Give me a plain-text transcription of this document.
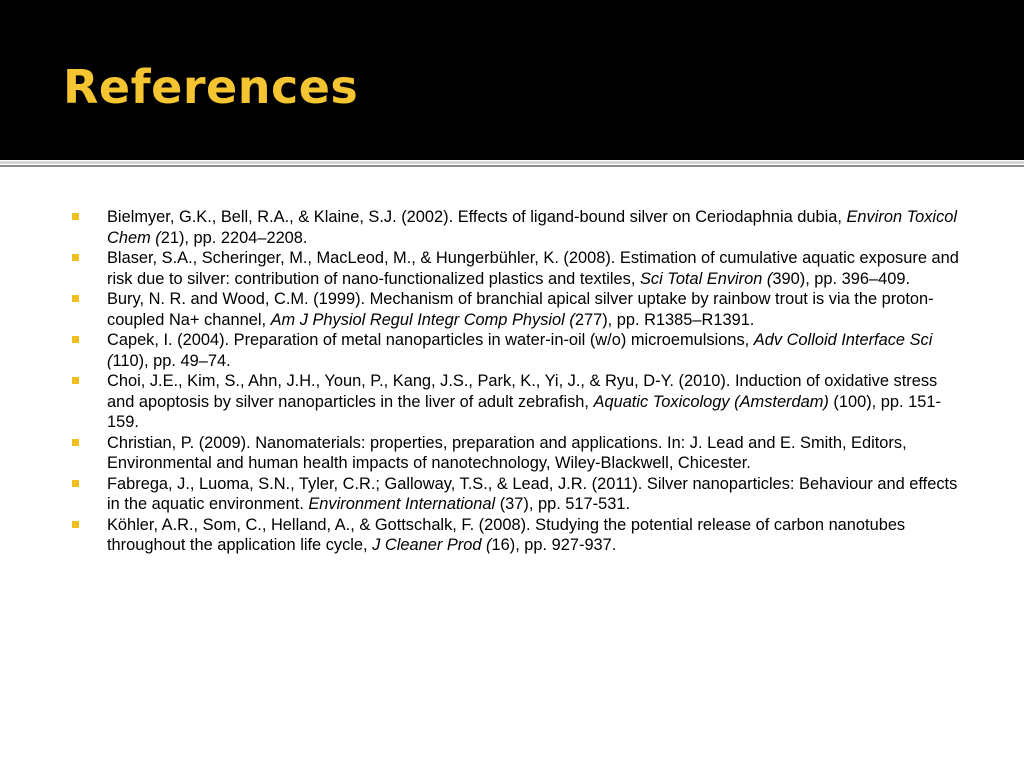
References
Bielmyer, G.K., Bell, R.A., & Klaine, S.J. (2002). Effects of ligand-bound silver on Ceriodaphnia dubia, Environ Toxicol Chem (21), pp. 2204–2208.
Blaser, S.A., Scheringer, M., MacLeod, M., & Hungerbühler, K. (2008). Estimation of cumulative aquatic exposure and risk due to silver: contribution of nano-functionalized plastics and textiles, Sci Total Environ (390), pp. 396–409.
Bury, N. R. and Wood, C.M. (1999). Mechanism of branchial apical silver uptake by rainbow trout is via the proton-coupled Na+ channel, Am J Physiol Regul Integr Comp Physiol (277), pp. R1385–R1391.
Capek, I. (2004). Preparation of metal nanoparticles in water-in-oil (w/o) microemulsions, Adv Colloid Interface Sci (110), pp. 49–74.
Choi, J.E., Kim, S., Ahn, J.H., Youn, P., Kang, J.S., Park, K., Yi, J., & Ryu, D-Y. (2010). Induction of oxidative stress and apoptosis by silver nanoparticles in the liver of adult zebrafish, Aquatic Toxicology (Amsterdam) (100), pp. 151-159.
Christian, P. (2009). Nanomaterials: properties, preparation and applications. In: J. Lead and E. Smith, Editors, Environmental and human health impacts of nanotechnology, Wiley-Blackwell, Chicester.
Fabrega, J., Luoma, S.N., Tyler, C.R.; Galloway, T.S., & Lead, J.R. (2011). Silver nanoparticles: Behaviour and effects in the aquatic environment. Environment International (37), pp. 517-531.
Köhler, A.R., Som, C., Helland, A., & Gottschalk, F. (2008). Studying the potential release of carbon nanotubes throughout the application life cycle, J Cleaner Prod (16), pp. 927-937.
